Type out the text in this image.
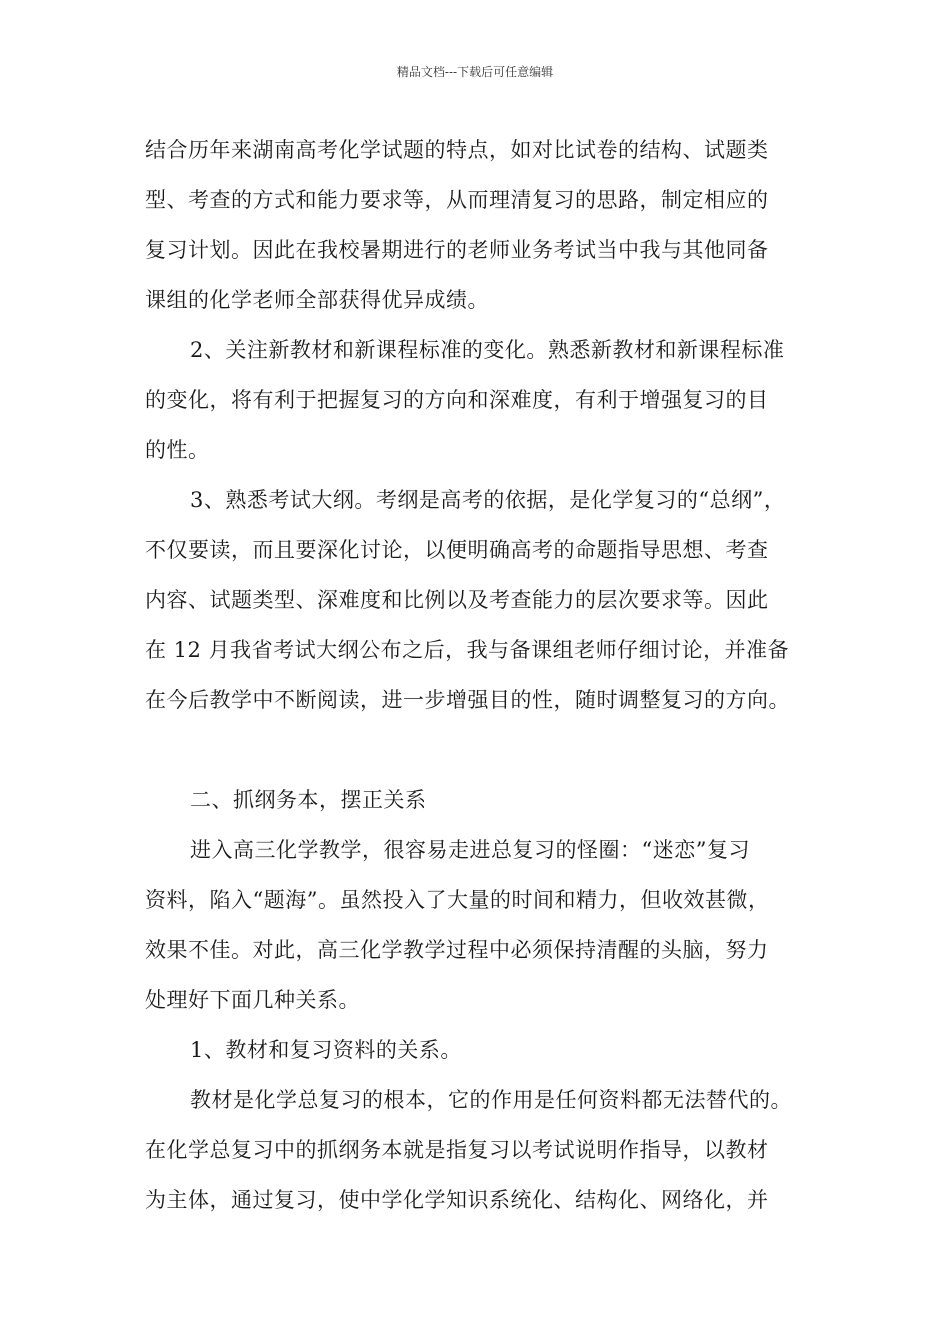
精品文档---下载后可任意编辑
结合历年来湖南高考化学试题的特点，如对比试卷的结构、试题类
型、考查的方式和能力要求等，从而理清复习的思路，制定相应的
复习计划。因此在我校暑期进行的老师业务考试当中我与其他同备
课组的化学老师全部获得优异成绩。
2、关注新教材和新课程标准的变化。熟悉新教材和新课程标准
的变化，将有利于把握复习的方向和深难度，有利于增强复习的目
的性。
3、熟悉考试大纲。考纲是高考的依据，是化学复习的“总纲”，
不仅要读，而且要深化讨论，以便明确高考的命题指导思想、考查
内容、试题类型、深难度和比例以及考查能力的层次要求等。因此
在 12 月我省考试大纲公布之后，我与备课组老师仔细讨论，并准备
在今后教学中不断阅读，进一步增强目的性，随时调整复习的方向。
二、抓纲务本，摆正关系
进入高三化学教学，很容易走进总复习的怪圈：“迷恋”复习
资料，陷入“题海”。虽然投入了大量的时间和精力，但收效甚微，
效果不佳。对此，高三化学教学过程中必须保持清醒的头脑，努力
处理好下面几种关系。
1、教材和复习资料的关系。
教材是化学总复习的根本，它的作用是任何资料都无法替代的。
在化学总复习中的抓纲务本就是指复习以考试说明作指导，以教材
为主体，通过复习，使中学化学知识系统化、结构化、网络化，并
